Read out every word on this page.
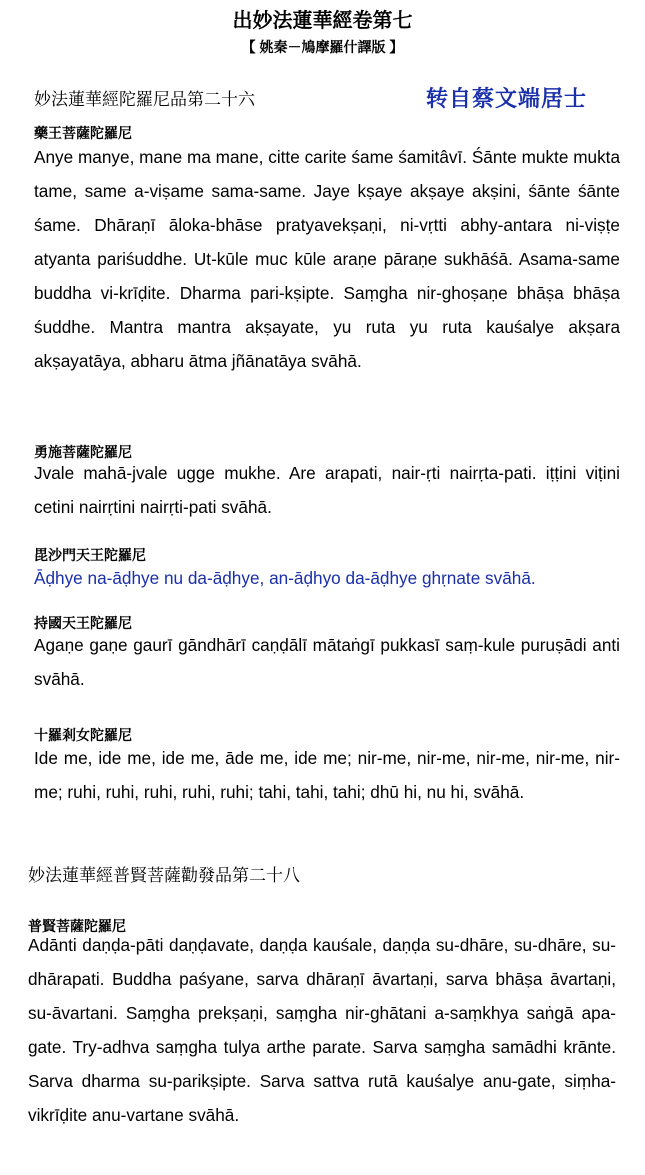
出妙法蓮華經卷第七
【 姚秦－鳩摩羅什譯版 】
妙法蓮華經陀羅尼品第二十六	转自蔡文端居士
藥王菩薩陀羅尼

Anye manye, mane ma mane, citte carite śame śamitâvī. Śānte mukte mukta tame, same a-viṣame sama-same. Jaye kṣaye akṣaye akṣini, śānte śānte śame. Dhāraṇī āloka-bhāse pratyavekṣaṇi, ni-vṛtti abhy-antara ni-viṣṭe atyanta pariśuddhe. Ut-kūle muc kūle araṇe pāraṇe sukhāśā. Asama-same buddha vi-krīḍite. Dharma pari-kṣipte. Saṃgha nir-ghoṣaṇe bhāṣa bhāṣa śuddhe. Mantra mantra akṣayate, yu ruta yu ruta kauśalye akṣara akṣayatāya, abharu ātma jñānatāya svāhā.

勇施菩薩陀羅尼

Jvale mahā-jvale ugge mukhe. Are arapati, nair-ṛti nairṛta-pati. iṭṭini viṭini cetini nairṛtini nairṛti-pati svāhā.

毘沙門天王陀羅尼

Āḍhye na-āḍhye nu da-āḍhye, an-āḍhyo da-āḍhye ghṛnate svāhā.

持國天王陀羅尼

Agaṇe gaṇe gaurī gāndhārī caṇḍālī mātaṅgī pukkasī saṃ-kule puruṣādi anti svāhā.

十羅剎女陀羅尼

Ide me, ide me, ide me, āde me, ide me; nir-me, nir-me, nir-me, nir-me, nir-me; ruhi, ruhi, ruhi, ruhi, ruhi; tahi, tahi, tahi; dhū hi, nu hi, svāhā.

妙法蓮華經普賢菩薩勸發品第二十八
普賢菩薩陀羅尼

Adānti daṇḍa-pāti daṇḍavate, daṇḍa kauśale, daṇḍa su-dhāre, su-dhāre, su-dhārapati. Buddha paśyane, sarva dhāraṇī āvartaṇi, sarva bhāṣa āvartaṇi, su-āvartani. Saṃgha prekṣaṇi, saṃgha nir-ghātani a-saṃkhya saṅgā apa-gate. Try-adhva saṃgha tulya arthe parate. Sarva saṃgha samādhi krānte. Sarva dharma su-parikṣipte. Sarva sattva rutā kauśalye anu-gate, siṃha-vikrīḍite anu-vartane svāhā.
